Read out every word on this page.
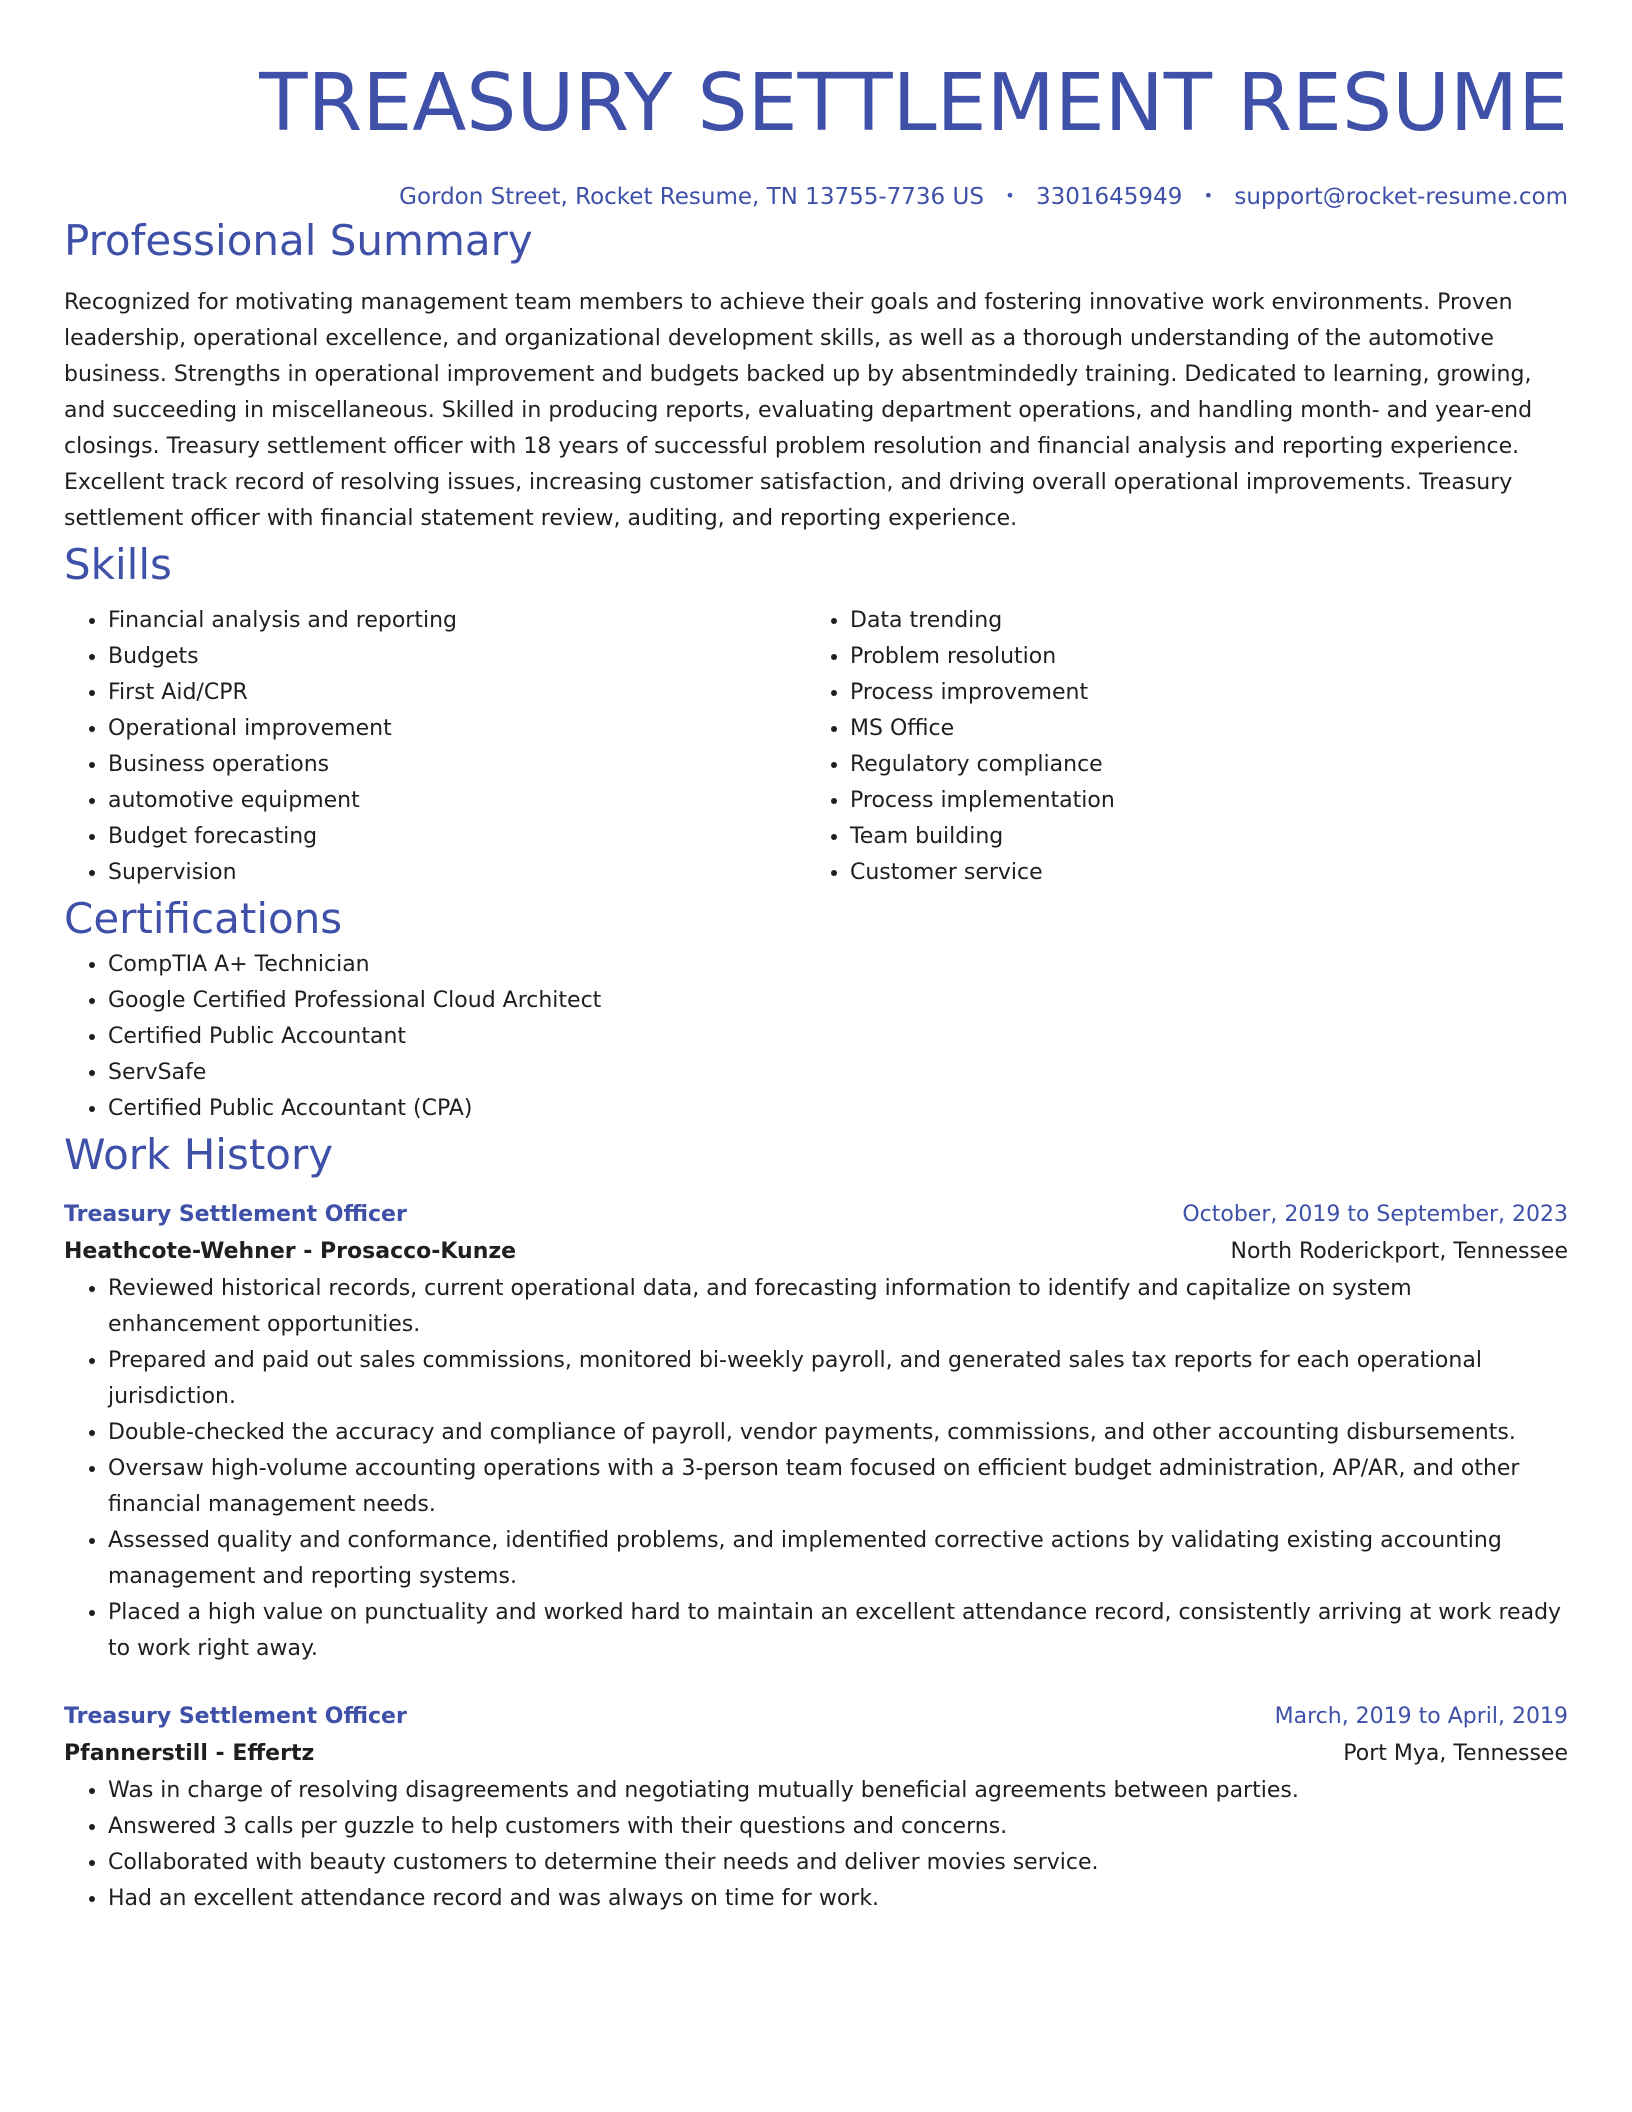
TREASURY SETTLEMENT RESUME
Gordon Street, Rocket Resume, TN 13755-7736 US • 3301645949 • support@rocket-resume.com
Professional Summary

Recognized for motivating management team members to achieve their goals and fostering innovative work environments. Proven leadership, operational excellence, and organizational development skills, as well as a thorough understanding of the automotive business. Strengths in operational improvement and budgets backed up by absentmindedly training. Dedicated to learning, growing, and succeeding in miscellaneous. Skilled in producing reports, evaluating department operations, and handling month- and year-end closings. Treasury settlement officer with 18 years of successful problem resolution and financial analysis and reporting experience. Excellent track record of resolving issues, increasing customer satisfaction, and driving overall operational improvements. Treasury settlement officer with financial statement review, auditing, and reporting experience.

Skills
• Financial analysis and reporting
• Budgets
• First Aid/CPR
• Operational improvement
• Business operations
• automotive equipment
• Budget forecasting
• Supervision
• Data trending
• Problem resolution
• Process improvement
• MS Office
• Regulatory compliance
• Process implementation
• Team building
• Customer service
Certifications
• CompTIA A+ Technician
• Google Certified Professional Cloud Architect
• Certified Public Accountant
• ServSafe
• Certified Public Accountant (CPA)
Work History
Treasury Settlement Officer	October, 2019 to September, 2023
Heathcote-Wehner - Prosacco-Kunze	North Roderickport, Tennessee
• Reviewed historical records, current operational data, and forecasting information to identify and capitalize on system enhancement opportunities.
• Prepared and paid out sales commissions, monitored bi-weekly payroll, and generated sales tax reports for each operational jurisdiction.
• Double-checked the accuracy and compliance of payroll, vendor payments, commissions, and other accounting disbursements.
• Oversaw high-volume accounting operations with a 3-person team focused on efficient budget administration, AP/AR, and other financial management needs.
• Assessed quality and conformance, identified problems, and implemented corrective actions by validating existing accounting management and reporting systems.
• Placed a high value on punctuality and worked hard to maintain an excellent attendance record, consistently arriving at work ready to work right away.
Treasury Settlement Officer	March, 2019 to April, 2019
Pfannerstill - Effertz	Port Mya, Tennessee
• Was in charge of resolving disagreements and negotiating mutually beneficial agreements between parties.
• Answered 3 calls per guzzle to help customers with their questions and concerns.
• Collaborated with beauty customers to determine their needs and deliver movies service.
• Had an excellent attendance record and was always on time for work.
